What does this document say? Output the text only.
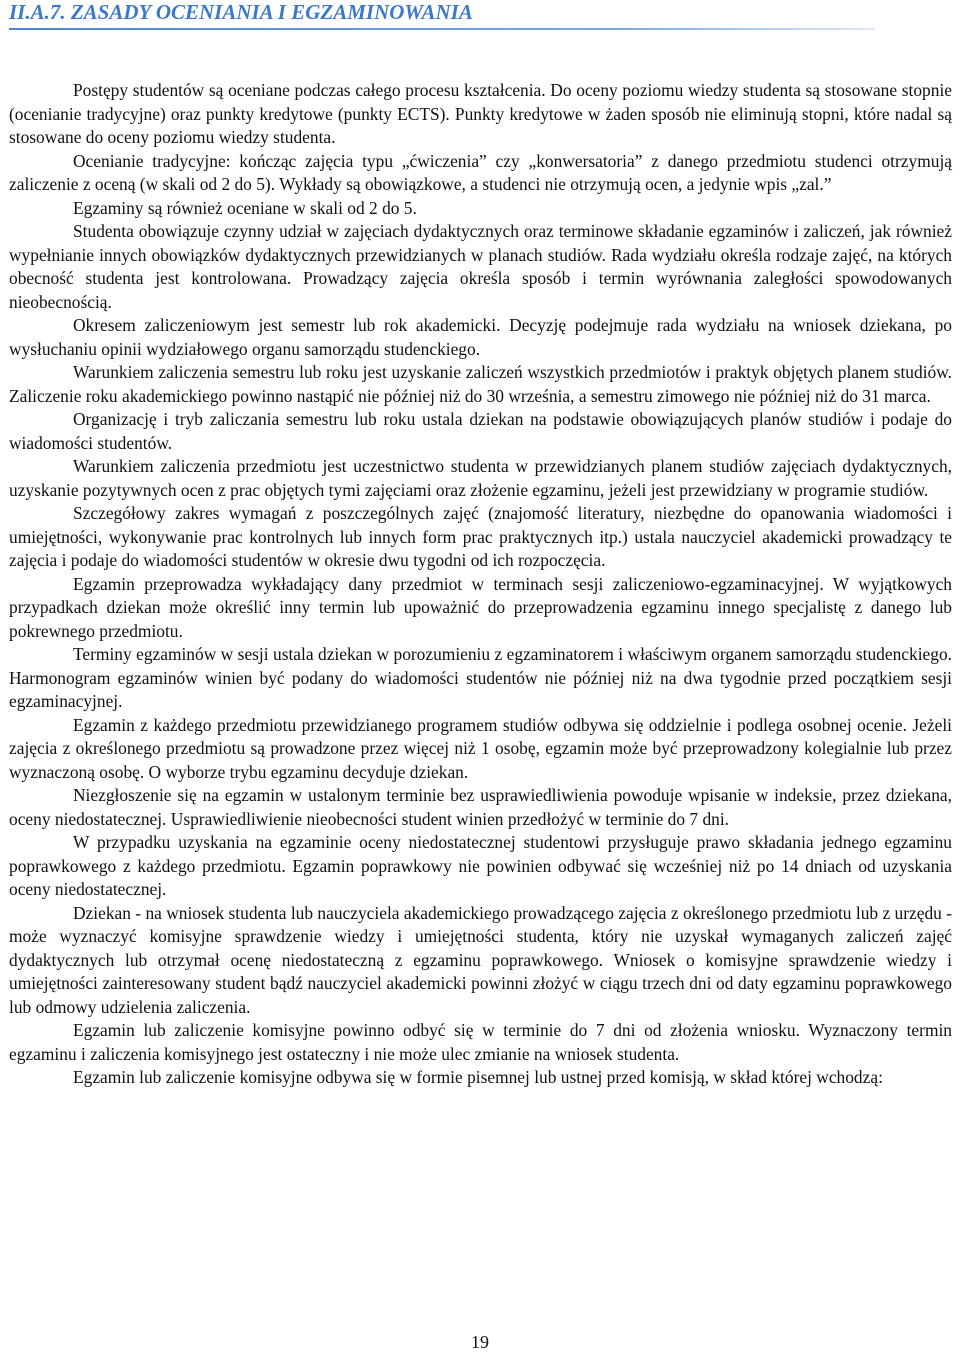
II.A.7. ZASADY OCENIANIA I EGZAMINOWANIA

Postępy studentów są oceniane podczas całego procesu kształcenia. Do oceny poziomu wiedzy studenta są stosowane stopnie (ocenianie tradycyjne) oraz punkty kredytowe (punkty ECTS). Punkty kredytowe w żaden sposób nie eliminują stopni, które nadal są stosowane do oceny poziomu wiedzy studenta.

Ocenianie tradycyjne: kończąc zajęcia typu „ćwiczenia” czy „konwersatoria” z danego przedmiotu studenci otrzymują zaliczenie z oceną (w skali od 2 do 5). Wykłady są obowiązkowe, a studenci nie otrzymują ocen, a jedynie wpis „zal.”

Egzaminy są również oceniane w skali od 2 do 5.

Studenta obowiązuje czynny udział w zajęciach dydaktycznych oraz terminowe składanie egzaminów i zaliczeń, jak również wypełnianie innych obowiązków dydaktycznych przewidzianych w planach studiów. Rada wydziału określa rodzaje zajęć, na których obecność studenta jest kontrolowana. Prowadzący zajęcia określa sposób i termin wyrównania zaległości spowodowanych nieobecnością.

Okresem zaliczeniowym jest semestr lub rok akademicki. Decyzję podejmuje rada wydziału na wniosek dziekana, po wysłuchaniu opinii wydziałowego organu samorządu studenckiego.

Warunkiem zaliczenia semestru lub roku jest uzyskanie zaliczeń wszystkich przedmiotów i praktyk objętych planem studiów. Zaliczenie roku akademickiego powinno nastąpić nie później niż do 30 września, a semestru zimowego nie później niż do 31 marca.

Organizację i tryb zaliczania semestru lub roku ustala dziekan na podstawie obowiązujących planów studiów i podaje do wiadomości studentów.

Warunkiem zaliczenia przedmiotu jest uczestnictwo studenta w przewidzianych planem studiów zajęciach dydaktycznych, uzyskanie pozytywnych ocen z prac objętych tymi zajęciami oraz złożenie egzaminu, jeżeli jest przewidziany w programie studiów.

Szczegółowy zakres wymagań z poszczególnych zajęć (znajomość literatury, niezbędne do opanowania wiadomości i umiejętności, wykonywanie prac kontrolnych lub innych form prac praktycznych itp.) ustala nauczyciel akademicki prowadzący te zajęcia i podaje do wiadomości studentów w okresie dwu tygodni od ich rozpoczęcia.

Egzamin przeprowadza wykładający dany przedmiot w terminach sesji zaliczeniowo-egzaminacyjnej. W wyjątkowych przypadkach dziekan może określić inny termin lub upoważnić do przeprowadzenia egzaminu innego specjalistę z danego lub pokrewnego przedmiotu.

Terminy egzaminów w sesji ustala dziekan w porozumieniu z egzaminatorem i właściwym organem samorządu studenckiego. Harmonogram egzaminów winien być podany do wiadomości studentów nie później niż na dwa tygodnie przed początkiem sesji egzaminacyjnej.

Egzamin z każdego przedmiotu przewidzianego programem studiów odbywa się oddzielnie i podlega osobnej ocenie. Jeżeli zajęcia z określonego przedmiotu są prowadzone przez więcej niż 1 osobę, egzamin może być przeprowadzony kolegialnie lub przez wyznaczoną osobę. O wyborze trybu egzaminu decyduje dziekan.

Niezgłoszenie się na egzamin w ustalonym terminie bez usprawiedliwienia powoduje wpisanie w indeksie, przez dziekana, oceny niedostatecznej. Usprawiedliwienie nieobecności student winien przedłożyć w terminie do 7 dni.

W przypadku uzyskania na egzaminie oceny niedostatecznej studentowi przysługuje prawo składania jednego egzaminu poprawkowego z każdego przedmiotu. Egzamin poprawkowy nie powinien odbywać się wcześniej niż po 14 dniach od uzyskania oceny niedostatecznej.

Dziekan - na wniosek studenta lub nauczyciela akademickiego prowadzącego zajęcia z określonego przedmiotu lub z urzędu - może wyznaczyć komisyjne sprawdzenie wiedzy i umiejętności studenta, który nie uzyskał wymaganych zaliczeń zajęć dydaktycznych lub otrzymał ocenę niedostateczną z egzaminu poprawkowego. Wniosek o komisyjne sprawdzenie wiedzy i umiejętności zainteresowany student bądź nauczyciel akademicki powinni złożyć w ciągu trzech dni od daty egzaminu poprawkowego lub odmowy udzielenia zaliczenia.

Egzamin lub zaliczenie komisyjne powinno odbyć się w terminie do 7 dni od złożenia wniosku. Wyznaczony termin egzaminu i zaliczenia komisyjnego jest ostateczny i nie może ulec zmianie na wniosek studenta.

Egzamin lub zaliczenie komisyjne odbywa się w formie pisemnej lub ustnej przed komisją, w skład której wchodzą:

19
